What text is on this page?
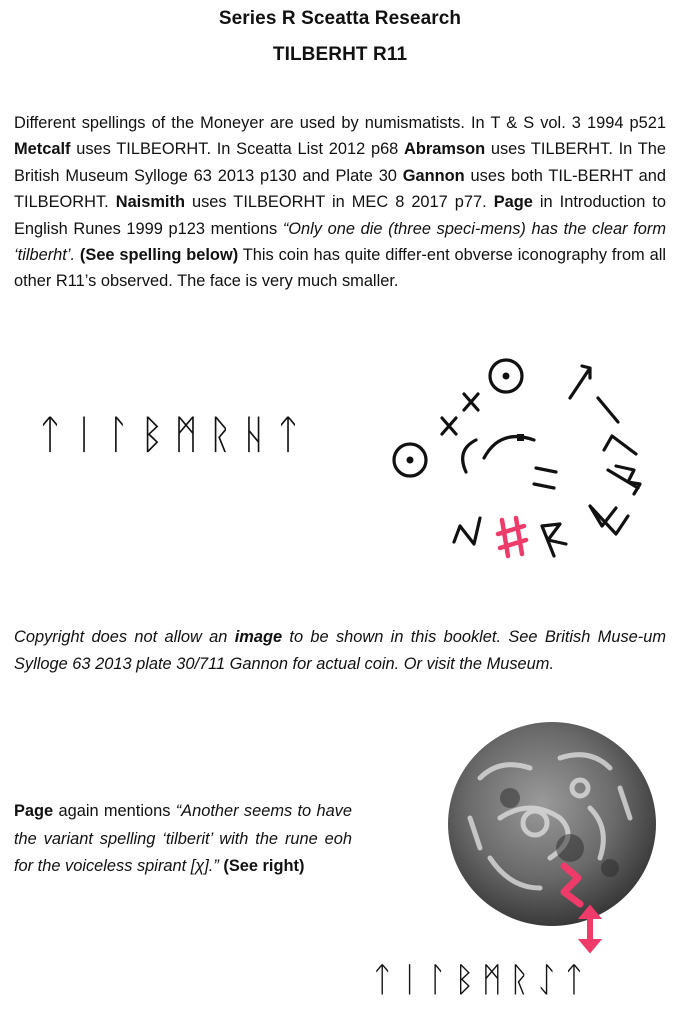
Series R Sceatta Research
TILBERHT R11
Different spellings of the Moneyer are used by numismatists. In T & S vol. 3 1994 p521 Metcalf uses TILBEORHT. In Sceatta List 2012 p68 Abramson uses TILBERHT. In The British Museum Sylloge 63 2013 p130 and Plate 30 Gannon uses both TIL-BERHT and TILBEORHT. Naismith uses TILBEORHT in MEC 8 2017 p77. Page in Introduction to English Runes 1999 p123 mentions “Only one die (three speci-mens) has the clear form ‘tilberht’. (See spelling below) This coin has quite differ-ent obverse iconography from all other R11’s observed. The face is very much smaller.
ᛏᛁᛚᛒᛗᚱᚺᛏ
Copyright does not allow an image to be shown in this booklet. See British Muse-um Sylloge 63 2013 plate 30/711 Gannon for actual coin. Or visit the Museum.
Page again mentions “Another seems to have the variant spelling ‘tilberit’ with the rune eoh for the voiceless spirant [χ].” (See right)
ᛏᛁᛚᛒᛗᚱᛇᛏ
